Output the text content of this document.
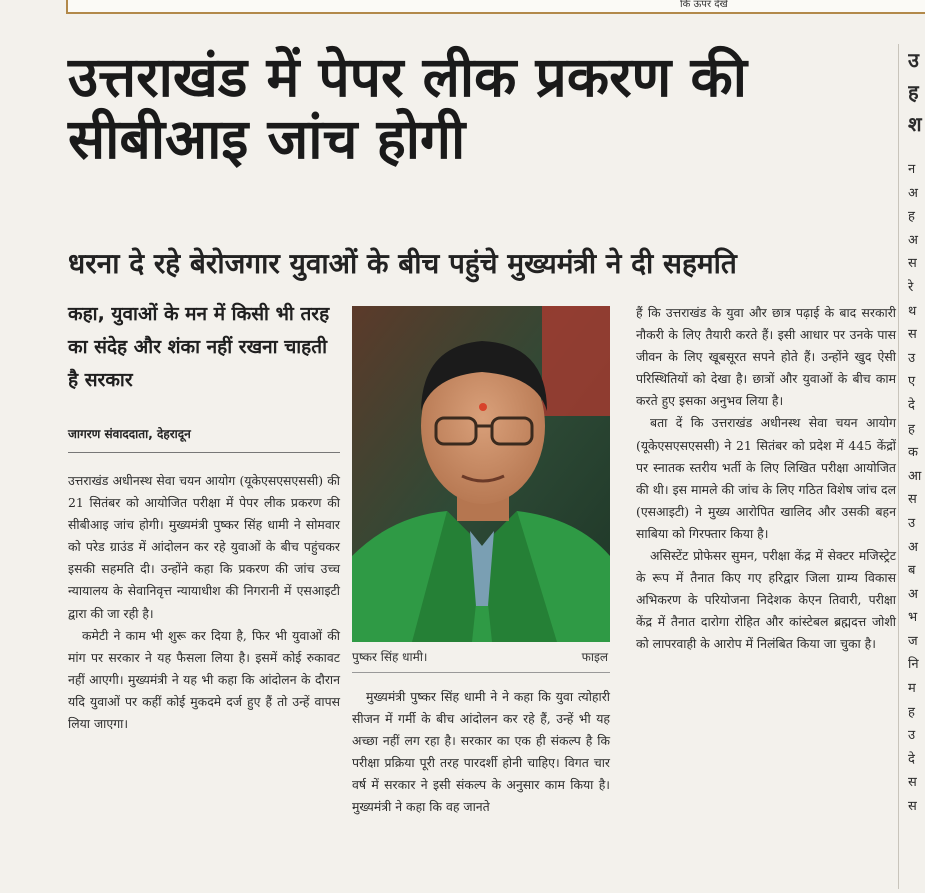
कि ऊपर देखें
उत्तराखंड में पेपर लीक प्रकरण की सीबीआइ जांच होगी
धरना दे रहे बेरोजगार युवाओं के बीच पहुंचे मुख्यमंत्री ने दी सहमति
कहा, युवाओं के मन में किसी भी तरह का संदेह और शंका नहीं रखना चाहती है सरकार
जागरण संवाददाता, देहरादून

उत्तराखंड अधीनस्थ सेवा चयन आयोग (यूकेएसएसएससी) की 21 सितंबर को आयोजित परीक्षा में पेपर लीक प्रकरण की सीबीआइ जांच होगी। मुख्यमंत्री पुष्कर सिंह धामी ने सोमवार को परेड ग्राउंड में आंदोलन कर रहे युवाओं के बीच पहुंचकर इसकी सहमति दी। उन्होंने कहा कि प्रकरण की जांच उच्च न्यायालय के सेवानिवृत्त न्यायाधीश की निगरानी में एसआइटी द्वारा की जा रही है।

कमेटी ने काम भी शुरू कर दिया है, फिर भी युवाओं की मांग पर सरकार ने यह फैसला लिया है। इसमें कोई रुकावट नहीं आएगी। मुख्यमंत्री ने यह भी कहा कि आंदोलन के दौरान यदि युवाओं पर कहीं कोई मुकदमे दर्ज हुए हैं तो उन्हें वापस लिया जाएगा।

पुष्कर सिंह धामी।	फाइल

मुख्यमंत्री पुष्कर सिंह धामी ने ने कहा कि युवा त्योहारी सीजन में गर्मी के बीच आंदोलन कर रहे हैं, उन्हें भी यह अच्छा नहीं लग रहा है। सरकार का एक ही संकल्प है कि परीक्षा प्रक्रिया पूरी तरह पारदर्शी होनी चाहिए। विगत चार वर्ष में सरकार ने इसी संकल्प के अनुसार काम किया है। मुख्यमंत्री ने कहा कि वह जानते

हैं कि उत्तराखंड के युवा और छात्र पढ़ाई के बाद सरकारी नौकरी के लिए तैयारी करते हैं। इसी आधार पर उनके पास जीवन के लिए खूबसूरत सपने होते हैं। उन्होंने खुद ऐसी परिस्थितियों को देखा है। छात्रों और युवाओं के बीच काम करते हुए इसका अनुभव लिया है।

बता दें कि उत्तराखंड अधीनस्थ सेवा चयन आयोग (यूकेएसएसएससी) ने 21 सितंबर को प्रदेश में 445 केंद्रों पर स्नातक स्तरीय भर्ती के लिए लिखित परीक्षा आयोजित की थी। इस मामले की जांच के लिए गठित विशेष जांच दल (एसआइटी) ने मुख्य आरोपित खालिद और उसकी बहन साबिया को गिरफ्तार किया है।

असिस्टेंट प्रोफेसर सुमन, परीक्षा केंद्र में सेक्टर मजिस्ट्रेट के रूप में तैनात किए गए हरिद्वार जिला ग्राम्य विकास अभिकरण के परियोजना निदेशक केएन तिवारी, परीक्षा केंद्र में तैनात दारोगा रोहित और कांस्टेबल ब्रह्मदत्त जोशी को लापरवाही के आरोप में निलंबित किया जा चुका है।

उ ह श
न अ ह अ स रे थ स उ ए दे ह क आ स उ अ ब अ भ ज नि म ह उ दे स स
